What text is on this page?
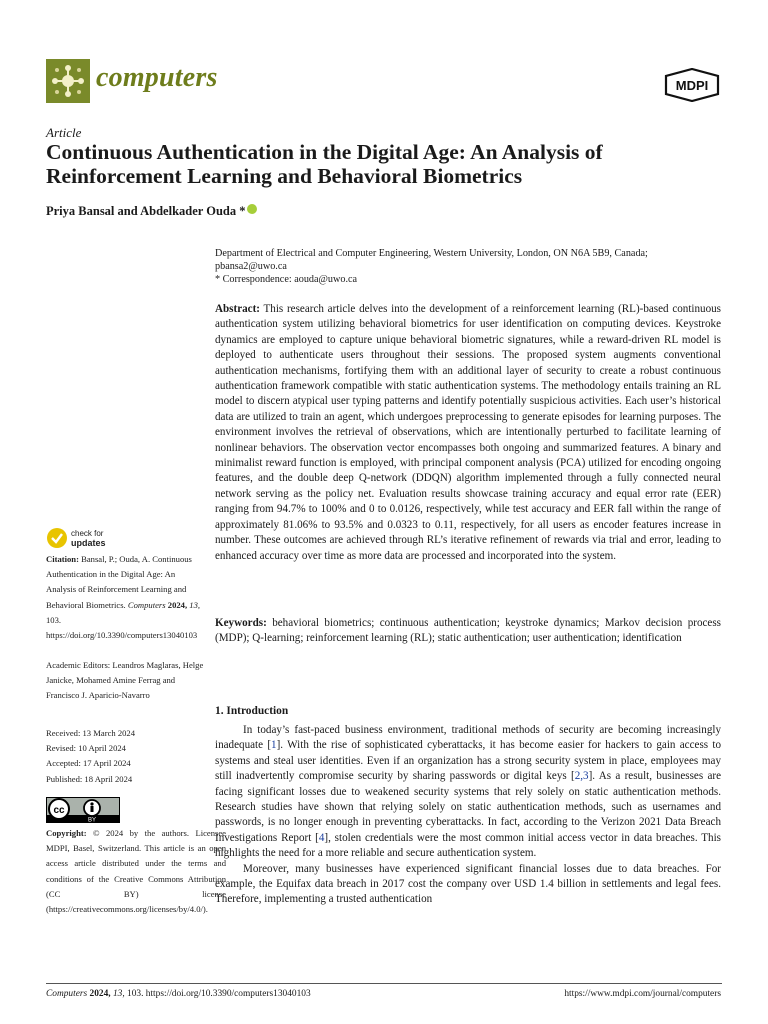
computers	MDPI
Article
Continuous Authentication in the Digital Age: An Analysis of Reinforcement Learning and Behavioral Biometrics
Priya Bansal and Abdelkader Ouda *
Department of Electrical and Computer Engineering, Western University, London, ON N6A 5B9, Canada;
pbansa2@uwo.ca
* Correspondence: aouda@uwo.ca
Abstract: This research article delves into the development of a reinforcement learning (RL)-based continuous authentication system utilizing behavioral biometrics for user identification on computing devices. Keystroke dynamics are employed to capture unique behavioral biometric signatures, while a reward-driven RL model is deployed to authenticate users throughout their sessions. The proposed system augments conventional authentication mechanisms, fortifying them with an additional layer of security to create a robust continuous authentication framework compatible with static authentication systems. The methodology entails training an RL model to discern atypical user typing patterns and identify potentially suspicious activities. Each user’s historical data are utilized to train an agent, which undergoes preprocessing to generate episodes for learning purposes. The environment involves the retrieval of observations, which are intentionally perturbed to facilitate learning of nonlinear behaviors. The observation vector encompasses both ongoing and summarized features. A binary and minimalist reward function is employed, with principal component analysis (PCA) utilized for encoding ongoing features, and the double deep Q-network (DDQN) algorithm implemented through a fully connected neural network serving as the policy net. Evaluation results showcase training accuracy and equal error rate (EER) ranging from 94.7% to 100% and 0 to 0.0126, respectively, while test accuracy and EER fall within the range of approximately 81.06% to 93.5% and 0.0323 to 0.11, respectively, for all users as encoder features increase in number. These outcomes are achieved through RL’s iterative refinement of rewards via trial and error, leading to enhanced accuracy over time as more data are processed and incorporated into the system.
Keywords: behavioral biometrics; continuous authentication; keystroke dynamics; Markov decision process (MDP); Q-learning; reinforcement learning (RL); static authentication; user authentication; identification
check for
updates
Citation: Bansal, P.; Ouda, A. Continuous Authentication in the Digital Age: An Analysis of Reinforcement Learning and Behavioral Biometrics. Computers 2024, 13, 103. https://doi.org/10.3390/computers13040103
Academic Editors: Leandros Maglaras, Helge Janicke, Mohamed Amine Ferrag and Francisco J. Aparicio-Navarro
Received: 13 March 2024
Revised: 10 April 2024
Accepted: 17 April 2024
Published: 18 April 2024
cc
BY
Copyright: © 2024 by the authors. Licensee MDPI, Basel, Switzerland. This article is an open access article distributed under the terms and conditions of the Creative Commons Attribution (CC BY) license (https://creativecommons.org/licenses/by/4.0/).
1. Introduction

In today’s fast-paced business environment, traditional methods of security are becoming increasingly inadequate [1]. With the rise of sophisticated cyberattacks, it has become easier for hackers to gain access to systems and steal user identities. Even if an organization has a strong security system in place, employees may still inadvertently compromise security by sharing passwords or digital keys [2,3]. As a result, businesses are facing significant losses due to weakened security systems that rely solely on static authentication methods. Research studies have shown that relying solely on static authentication methods, such as usernames and passwords, is no longer enough in preventing cyberattacks. In fact, according to the Verizon 2021 Data Breach Investigations Report [4], stolen credentials were the most common initial access vector in data breaches. This highlights the need for a more reliable and secure authentication system.

Moreover, many businesses have experienced significant financial losses due to data breaches. For example, the Equifax data breach in 2017 cost the company over USD 1.4 billion in settlements and legal fees. Therefore, implementing a trusted authentication

Computers 2024, 13, 103. https://doi.org/10.3390/computers13040103	https://www.mdpi.com/journal/computers
